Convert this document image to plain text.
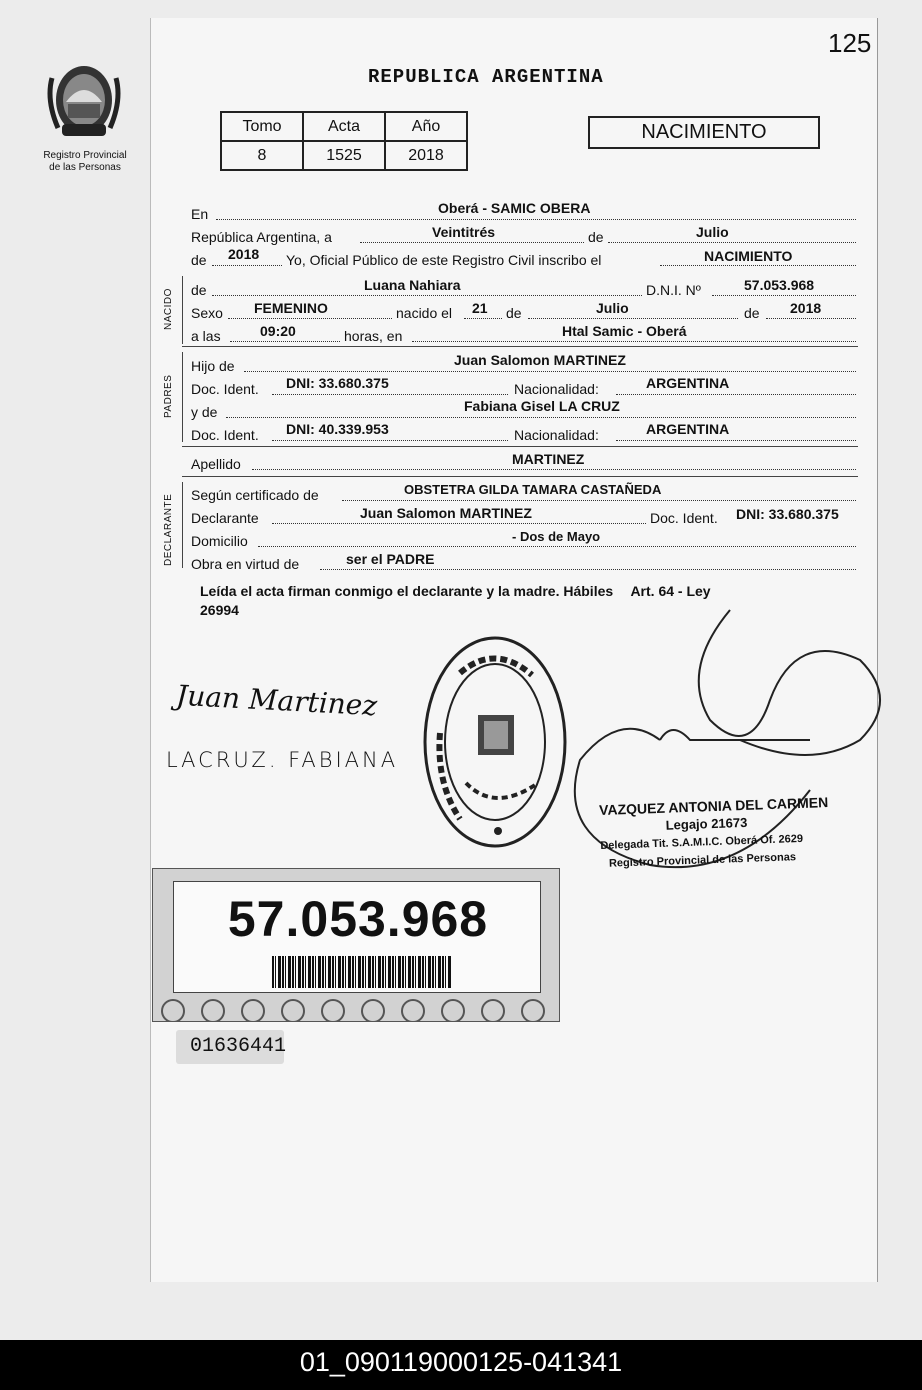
125
Registro Provincial
de las Personas
REPUBLICA ARGENTINA
Tomo	Acta	Año
8	1525	2018
NACIMIENTO
En	Oberá - SAMIC OBERA
República Argentina, a	Veintitrés	de	Julio
de 2018 Yo, Oficial Público de este Registro Civil inscribo el	NACIMIENTO
NACIDO de	Luana Nahiara	D.N.I. Nº	57.053.968
Sexo FEMENINO	nacido el 21 de	Julio	de 2018
a las	09:20	horas, en	Htal Samic - Oberá
PADRES
Hijo de	Juan Salomon MARTINEZ
Doc. Ident. DNI: 33.680.375	Nacionalidad:	ARGENTINA
y de	Fabiana Gisel LA CRUZ
Doc. Ident. DNI: 40.339.953	Nacionalidad:	ARGENTINA
Apellido	MARTINEZ
DECLARANTE Según certificado de	OBSTETRA GILDA TAMARA CASTAÑEDA
Declarante	Juan Salomon MARTINEZ	Doc. Ident. DNI: 33.680.375
Domicilio	- Dos de Mayo
Obra en virtud de	ser el PADRE
Leída el acta firman conmigo el declarante y la madre. Hábiles Art. 64 - Ley
26994
Juan Martinez
LACRUZ. FABIANA
VAZQUEZ ANTONIA DEL CARMEN
Legajo 21673
Delegada Tit. S.A.M.I.C. Oberá Of. 2629
Registro Provincial de las Personas
57.053.968
01636441
01_090119000125-041341
